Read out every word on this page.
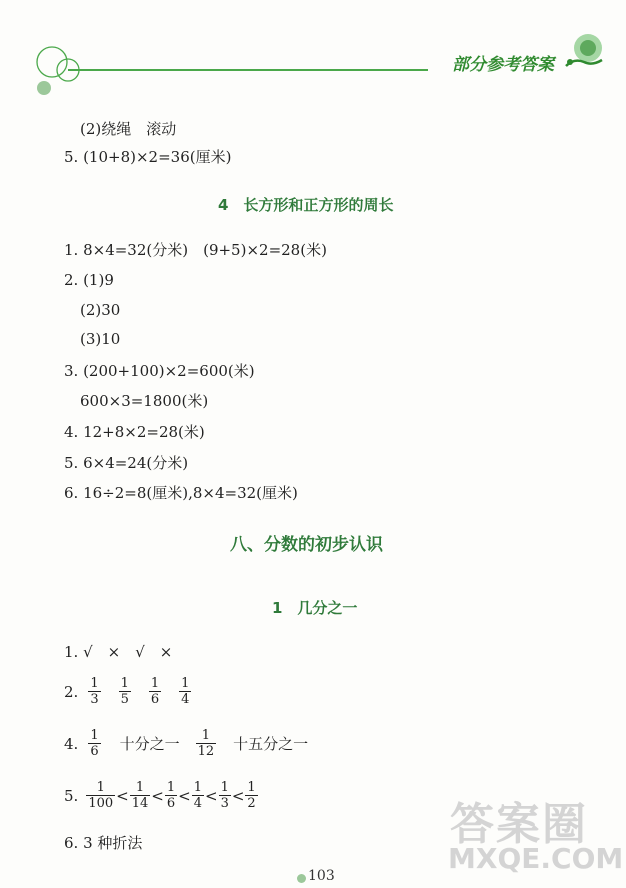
部分参考答案
(2)绕绳　滚动
5. (10+8)×2=36(厘米)
4　长方形和正方形的周长
1. 8×4=32(分米)　(9+5)×2=28(米)
2. (1)9
(2)30
(3)10
3. (200+100)×2=600(米)
600×3=1800(米)
4. 12+8×2=28(米)
5. 6×4=24(分米)
6. 16÷2=8(厘米),8×4=32(厘米)
八、分数的初步认识
1　几分之一
1. √　×　√　×
2. $\frac{1}{3} \frac{1}{5} \frac{1}{6} \frac{1}{4}$
4. $\frac{1}{6}$ 十分之一 $\frac{1}{12}$ 十五分之一
5. $\frac{1}{100} < \frac{1}{14} < \frac{1}{6} < \frac{1}{4} < \frac{1}{3} < \frac{1}{2}$
6. 3 种折法	答案圈
MXQE.COM
103
